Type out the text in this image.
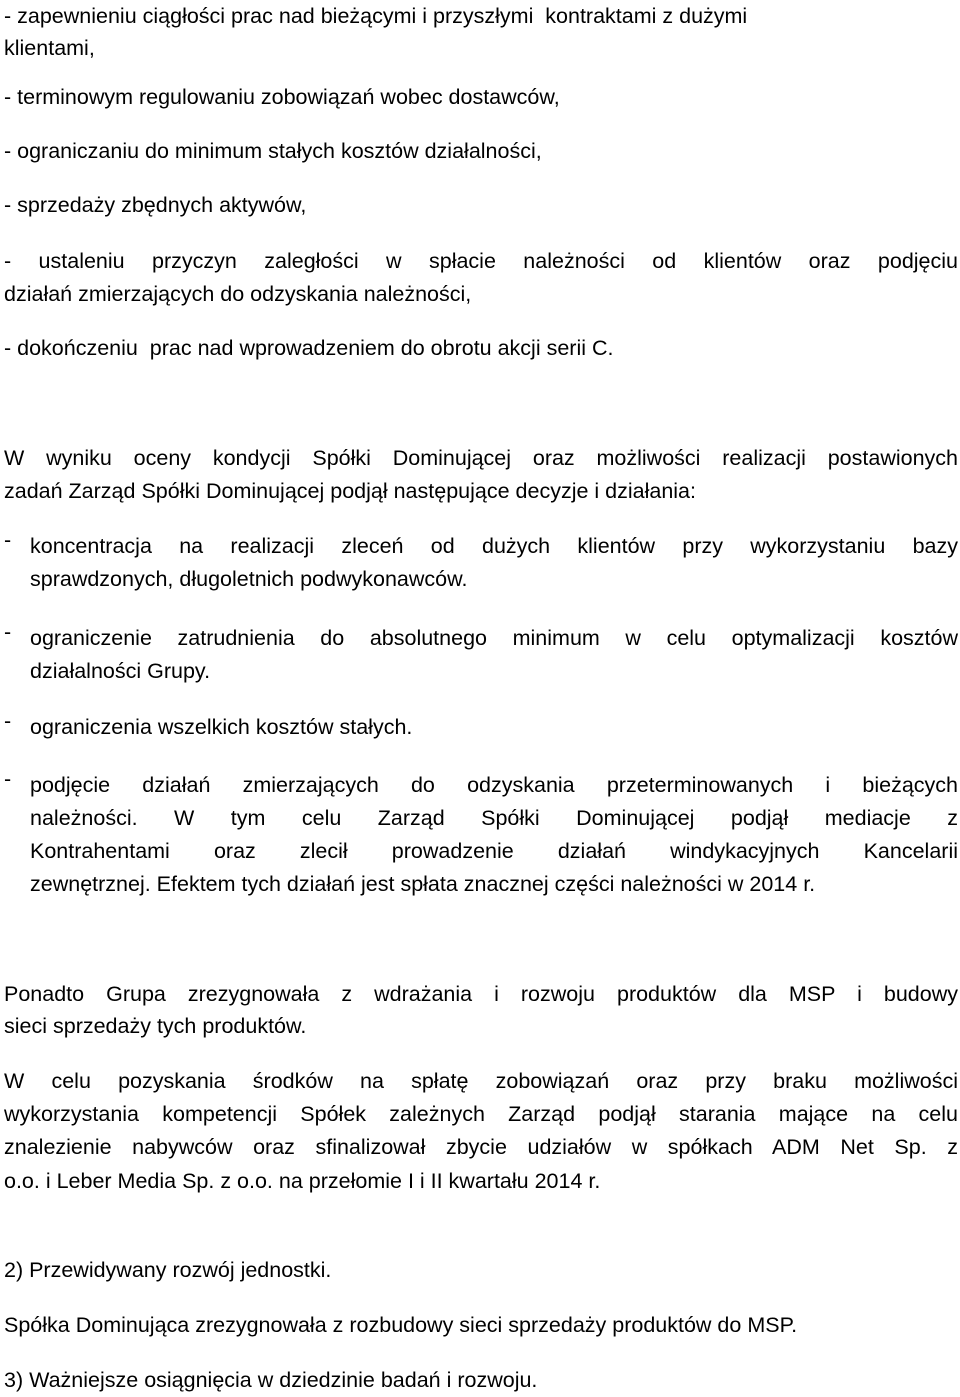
- zapewnieniu ciągłości prac nad bieżącymi i przyszłymi  kontraktami z dużymi
klientami,
- terminowym regulowaniu zobowiązań wobec dostawców,
- ograniczaniu do minimum stałych kosztów działalności,
- sprzedaży zbędnych aktywów,
- ustaleniu przyczyn zaległości w spłacie należności od klientów oraz podjęciu
działań zmierzających do odzyskania należności,
- dokończeniu  prac nad wprowadzeniem do obrotu akcji serii C.
W wyniku oceny kondycji Spółki Dominującej oraz możliwości realizacji postawionych
zadań Zarząd Spółki Dominującej podjął następujące decyzje i działania:
- koncentracja na realizacji zleceń od dużych klientów przy wykorzystaniu bazy
sprawdzonych, długoletnich podwykonawców.
- ograniczenie zatrudnienia do absolutnego minimum w celu optymalizacji kosztów
działalności Grupy.
- ograniczenia wszelkich kosztów stałych.
- podjęcie działań zmierzających do odzyskania przeterminowanych i bieżących
należności. W tym celu Zarząd Spółki Dominującej podjął mediacje z
Kontrahentami oraz zlecił prowadzenie działań windykacyjnych Kancelarii
zewnętrznej. Efektem tych działań jest spłata znacznej części należności w 2014 r.
Ponadto Grupa zrezygnowała z wdrażania i rozwoju produktów dla MSP i budowy
sieci sprzedaży tych produktów.
W celu pozyskania środków na spłatę zobowiązań oraz przy braku możliwości
wykorzystania kompetencji Spółek zależnych Zarząd podjął starania mające na celu
znalezienie nabywców oraz sfinalizował zbycie udziałów w spółkach ADM Net Sp. z
o.o. i Leber Media Sp. z o.o. na przełomie I i II kwartału 2014 r.
2) Przewidywany rozwój jednostki.
Spółka Dominująca zrezygnowała z rozbudowy sieci sprzedaży produktów do MSP.
3) Ważniejsze osiągnięcia w dziedzinie badań i rozwoju.
